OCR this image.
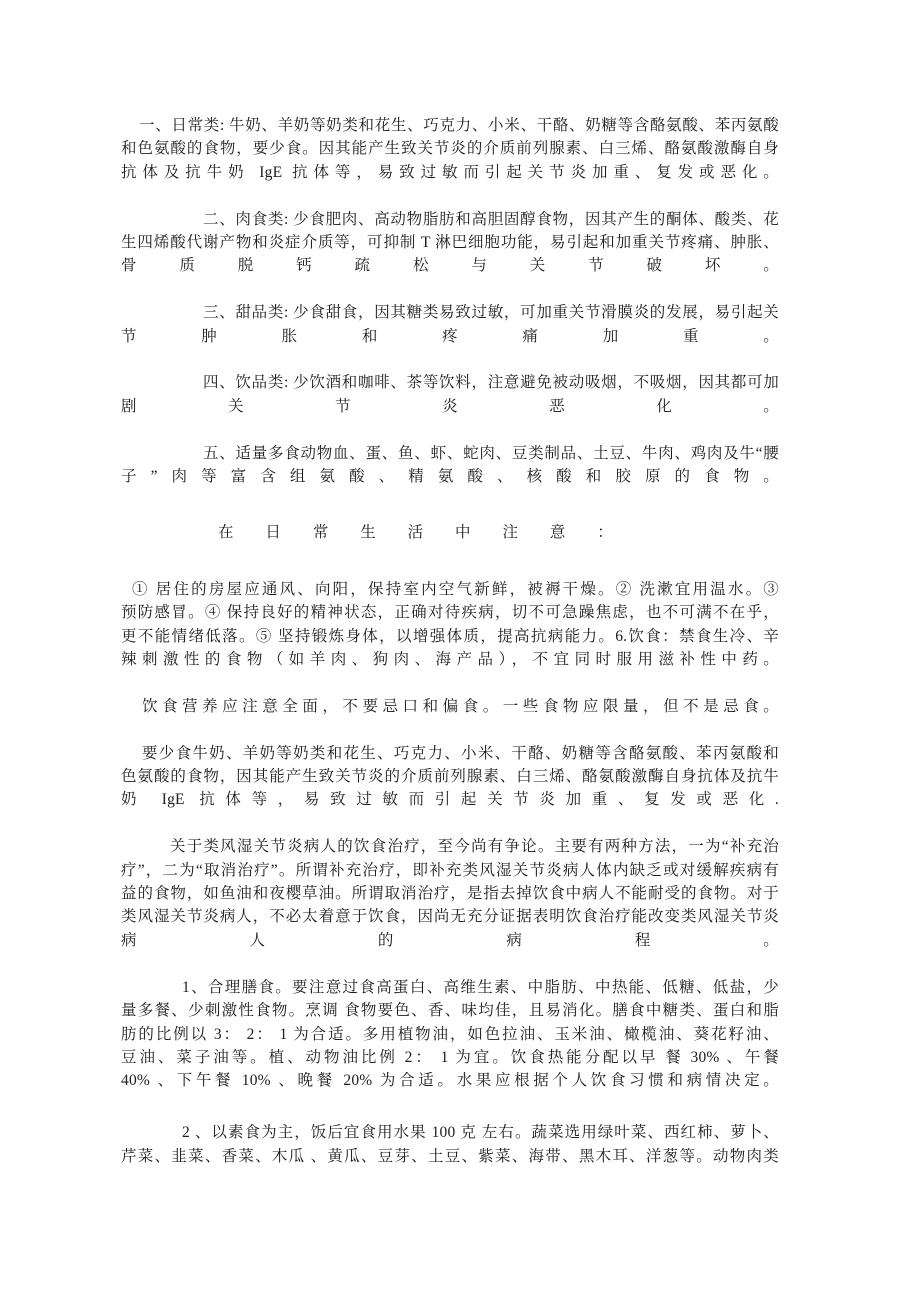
一、日常类: 牛奶、羊奶等奶类和花生、巧克力、小米、干酪、奶糖等含酪氨酸、苯丙氨酸
和色氨酸的食物，要少食。因其能产生致关节炎的介质前列腺素、白三烯、酪氨酸激酶自身
抗体及抗牛奶 IgE 抗体等，易致过敏而引起关节炎加重、复发或恶化。
二、肉食类: 少食肥肉、高动物脂肪和高胆固醇食物，因其产生的酮体、酸类、花
生四烯酸代谢产物和炎症介质等，可抑制 T 淋巴细胞功能，易引起和加重关节疼痛、肿胀、
骨质脱钙疏松与关节破坏。
三、甜品类: 少食甜食，因其糖类易致过敏，可加重关节滑膜炎的发展，易引起关
节肿胀和疼痛加重。
四、饮品类: 少饮酒和咖啡、茶等饮料，注意避免被动吸烟，不吸烟，因其都可加
剧关节炎恶化。
五、适量多食动物血、蛋、鱼、虾、蛇肉、豆类制品、土豆、牛肉、鸡肉及牛“腰
子”肉等富含组氨酸、精氨酸、核酸和胶原的食物。
在日常生活中注意：
① 居住的房屋应通风、向阳，保持室内空气新鲜，被褥干燥。② 洗漱宜用温水。③
预防感冒。④ 保持良好的精神状态，正确对待疾病，切不可急躁焦虑，也不可满不在乎，
更不能情绪低落。⑤ 坚持锻炼身体，以增强体质，提高抗病能力。6.饮食：禁食生冷、辛
辣刺激性的食物（如羊肉、狗肉、海产品），不宜同时服用滋补性中药。
饮食营养应注意全面，不要忌口和偏食。一些食物应限量，但不是忌食。
要少食牛奶、羊奶等奶类和花生、巧克力、小米、干酪、奶糖等含酪氨酸、苯丙氨酸和
色氨酸的食物，因其能产生致关节炎的介质前列腺素、白三烯、酪氨酸激酶自身抗体及抗牛
奶 IgE 抗体等，易致过敏而引起关节炎加重、复发或恶化.
关于类风湿关节炎病人的饮食治疗，至今尚有争论。主要有两种方法，一为“补充治
疗”，二为“取消治疗”。所谓补充治疗，即补充类风湿关节炎病人体内缺乏或对缓解疾病有
益的食物，如鱼油和夜樱草油。所谓取消治疗，是指去掉饮食中病人不能耐受的食物。对于
类风湿关节炎病人，不必太着意于饮食，因尚无充分证据表明饮食治疗能改变类风湿关节炎
病人的病程。
1、合理膳食。要注意过食高蛋白、高维生素、中脂肪、中热能、低糖、低盐，少
量多餐、少刺激性食物。烹调 食物要色、香、味均佳，且易消化。膳食中糖类、蛋白和脂
肪的比例以 3： 2： 1 为合适。多用植物油，如色拉油、玉米油、橄榄油、葵花籽油、
豆油、菜子油等。植、动物油比例 2： 1 为宜。饮食热能分配以早 餐 30% 、午餐
40% 、下午餐 10% 、晚餐 20% 为合适。水果应根据个人饮食习惯和病情决定。
2 、以素食为主，饭后宜食用水果 100 克 左右。蔬菜选用绿叶菜、西红柿、萝卜、
芹菜、韭菜、香菜、木瓜 、黄瓜、豆芽、土豆、紫菜、海带、黑木耳、洋葱等。动物肉类
